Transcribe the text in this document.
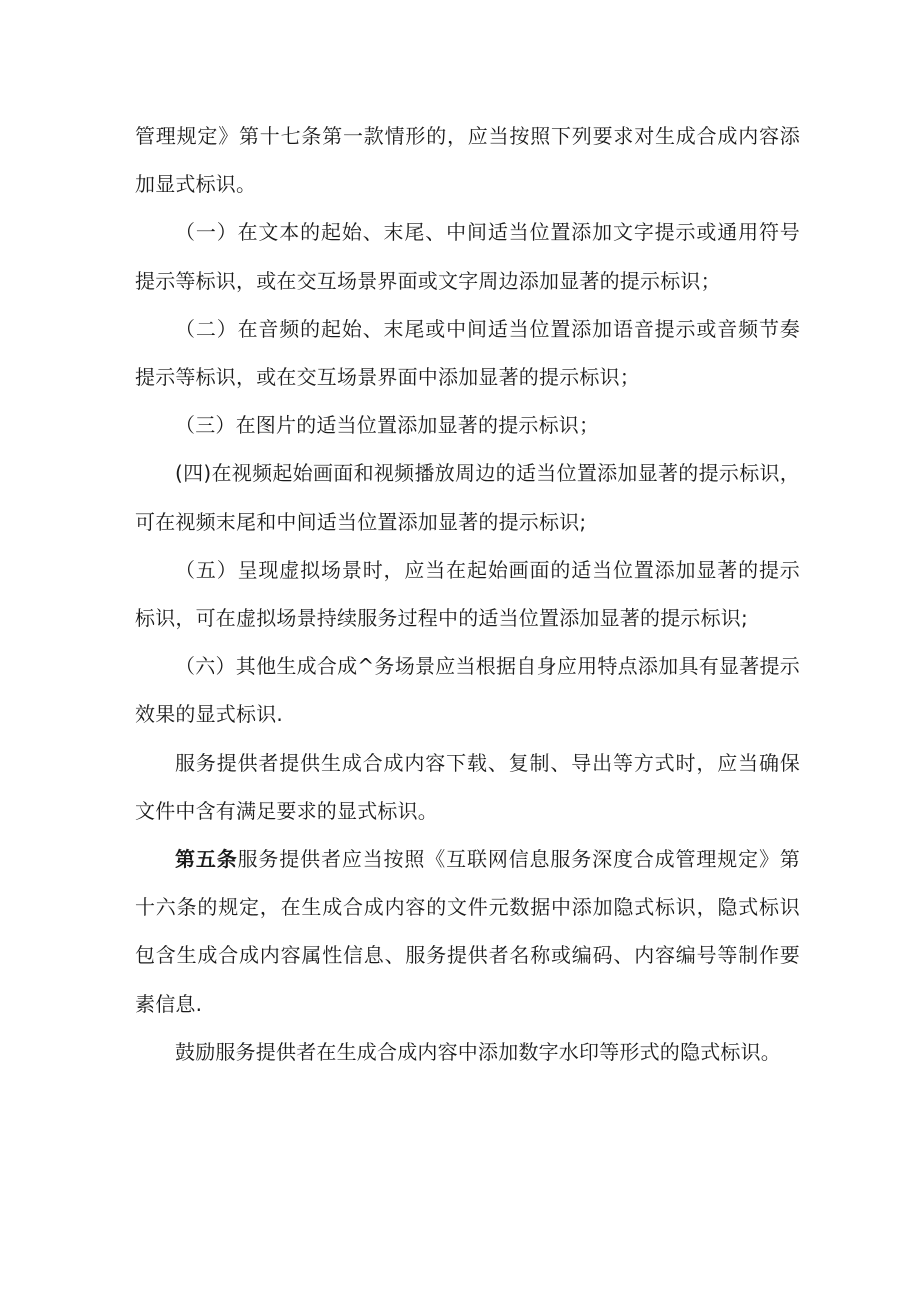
管理规定》第十七条第一款情形的，应当按照下列要求对生成合成内容添加显式标识。

（一）在文本的起始、末尾、中间适当位置添加文字提示或通用符号提示等标识，或在交互场景界面或文字周边添加显著的提示标识；

（二）在音频的起始、末尾或中间适当位置添加语音提示或音频节奏提示等标识，或在交互场景界面中添加显著的提示标识；

（三）在图片的适当位置添加显著的提示标识；

(四)在视频起始画面和视频播放周边的适当位置添加显著的提示标识，可在视频末尾和中间适当位置添加显著的提示标识;

（五）呈现虚拟场景时，应当在起始画面的适当位置添加显著的提示标识，可在虚拟场景持续服务过程中的适当位置添加显著的提示标识;

（六）其他生成合成^务场景应当根据自身应用特点添加具有显著提示效果的显式标识.

服务提供者提供生成合成内容下载、复制、导出等方式时，应当确保文件中含有满足要求的显式标识。

第五条服务提供者应当按照《互联网信息服务深度合成管理规定》第十六条的规定，在生成合成内容的文件元数据中添加隐式标识，隐式标识包含生成合成内容属性信息、服务提供者名称或编码、内容编号等制作要素信息.

鼓励服务提供者在生成合成内容中添加数字水印等形式的隐式标识。
